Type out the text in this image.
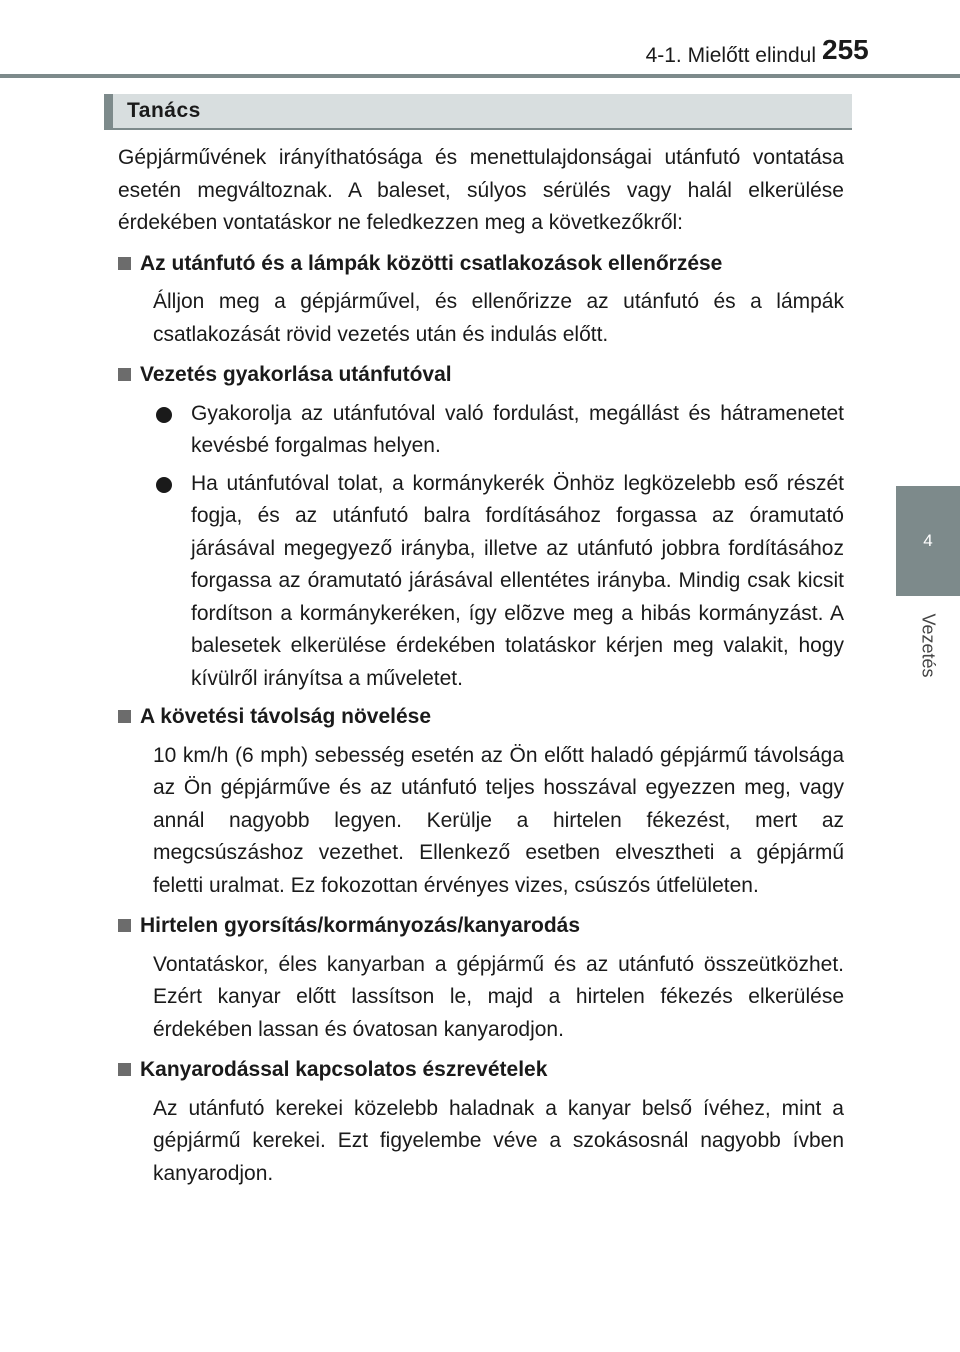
4-1. Mielőtt elindul 255
4
Vezetés
Tanács

Gépjárművének irányíthatósága és menettulajdonságai utánfutó vontatása esetén megváltoznak. A baleset, súlyos sérülés vagy halál elkerülése érdekében vontatáskor ne feledkezzen meg a következőkről:

Az utánfutó és a lámpák közötti csatlakozások ellenőrzése

Álljon meg a gépjárművel, és ellenőrizze az utánfutó és a lámpák csatlakozását rövid vezetés után és indulás előtt.

Vezetés gyakorlása utánfutóval

Gyakorolja az utánfutóval való fordulást, megállást és hátramenetet kevésbé forgalmas helyen.

Ha utánfutóval tolat, a kormánykerék Önhöz legközelebb eső részét fogja, és az utánfutó balra fordításához forgassa az óramutató járásával megegyező irányba, illetve az utánfutó jobbra fordításához forgassa az óramutató járásával ellentétes irányba. Mindig csak kicsit fordítson a kormánykeréken, így elõzve meg a hibás kormányzást. A balesetek elkerülése érdekében tolatáskor kérjen meg valakit, hogy kívülről irányítsa a műveletet.

A követési távolság növelése

10 km/h (6 mph) sebesség esetén az Ön előtt haladó gépjármű távolsága az Ön gépjárműve és az utánfutó teljes hosszával egyezzen meg, vagy annál nagyobb legyen. Kerülje a hirtelen fékezést, mert az megcsúszáshoz vezethet. Ellenkező esetben elvesztheti a gépjármű feletti uralmat. Ez fokozottan érvényes vizes, csúszós útfelületen.

Hirtelen gyorsítás/kormányozás/kanyarodás

Vontatáskor, éles kanyarban a gépjármű és az utánfutó összeütközhet. Ezért kanyar előtt lassítson le, majd a hirtelen fékezés elkerülése érdekében lassan és óvatosan kanyarodjon.

Kanyarodással kapcsolatos észrevételek

Az utánfutó kerekei közelebb haladnak a kanyar belső ívéhez, mint a gépjármű kerekei. Ezt figyelembe véve a szokásosnál nagyobb ívben kanyarodjon.
